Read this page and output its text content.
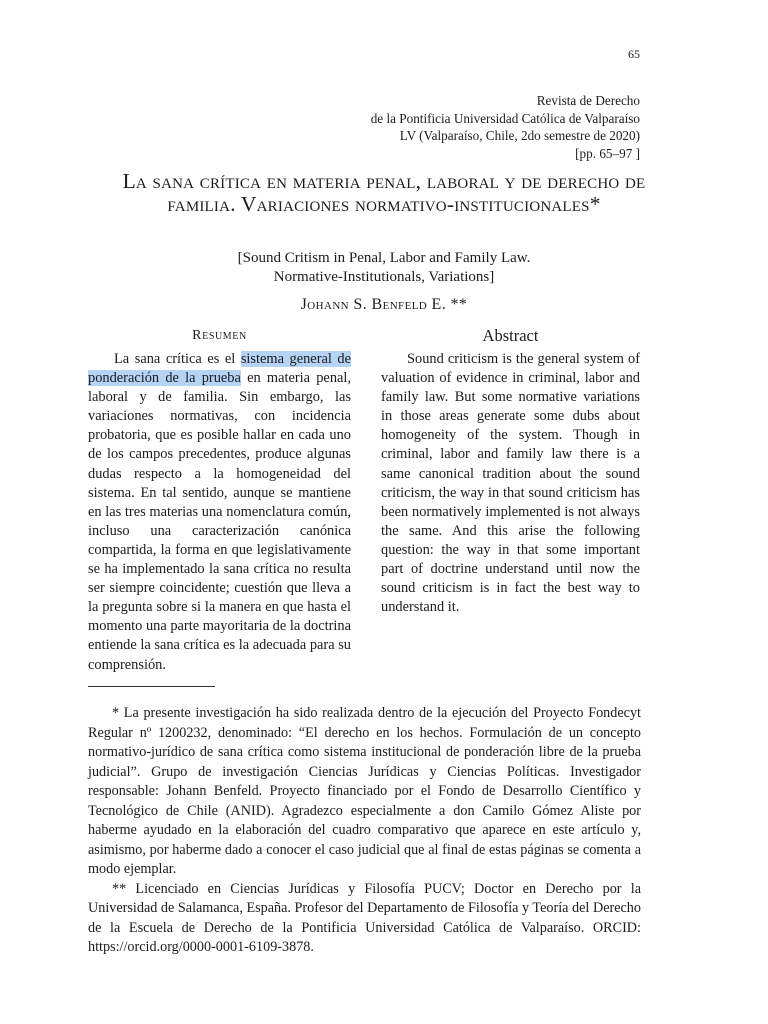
65
Revista de Derecho
de la Pontificia Universidad Católica de Valparaíso
LV (Valparaíso, Chile, 2do semestre de 2020)
[pp. 65–97 ]
La sana crítica en materia penal, laboral y de derecho de familia. Variaciones normativo-institucionales*
[Sound Critism in Penal, Labor and Family Law.
Normative-Institutionals, Variations]
Johann S. Benfeld E. **
Resumen	Abstract

La sana crítica es el sistema general de ponderación de la prueba en materia penal, laboral y de familia. Sin embargo, las variaciones normativas, con incidencia probatoria, que es posible hallar en cada uno de los campos precedentes, produce algunas dudas respecto a la homogeneidad del sistema. En tal sentido, aunque se mantiene en las tres materias una nomenclatura común, incluso una caracterización canónica compartida, la forma en que legislativamente se ha implementado la sana crítica no resulta ser siempre coincidente; cuestión que lleva a la pregunta sobre si la manera en que hasta el momento una parte mayoritaria de la doctrina entiende la sana crítica es la adecuada para su comprensión.

Sound criticism is the general system of valuation of evidence in criminal, labor and family law. But some normative variations in those areas generate some dubs about homogeneity of the system. Though in criminal, labor and family law there is a same canonical tradition about the sound criticism, the way in that sound criticism has been normatively implemented is not always the same. And this arise the following question: the way in that some important part of doctrine understand until now the sound criticism is in fact the best way to understand it.

* La presente investigación ha sido realizada dentro de la ejecución del Proyecto Fondecyt Regular nº 1200232, denominado: “El derecho en los hechos. Formulación de un concepto normativo-jurídico de sana crítica como sistema institucional de ponderación libre de la prueba judicial”. Grupo de investigación Ciencias Jurídicas y Ciencias Políticas. Investigador responsable: Johann Benfeld. Proyecto financiado por el Fondo de Desarrollo Científico y Tecnológico de Chile (ANID). Agradezco especialmente a don Camilo Gómez Aliste por haberme ayudado en la elaboración del cuadro comparativo que aparece en este artículo y, asimismo, por haberme dado a conocer el caso judicial que al final de estas páginas se comenta a modo ejemplar.

** Licenciado en Ciencias Jurídicas y Filosofía PUCV; Doctor en Derecho por la Universidad de Salamanca, España. Profesor del Departamento de Filosofía y Teoría del Derecho de la Escuela de Derecho de la Pontificia Universidad Católica de Valparaíso. ORCID: https://orcid.org/0000-0001-6109-3878.
